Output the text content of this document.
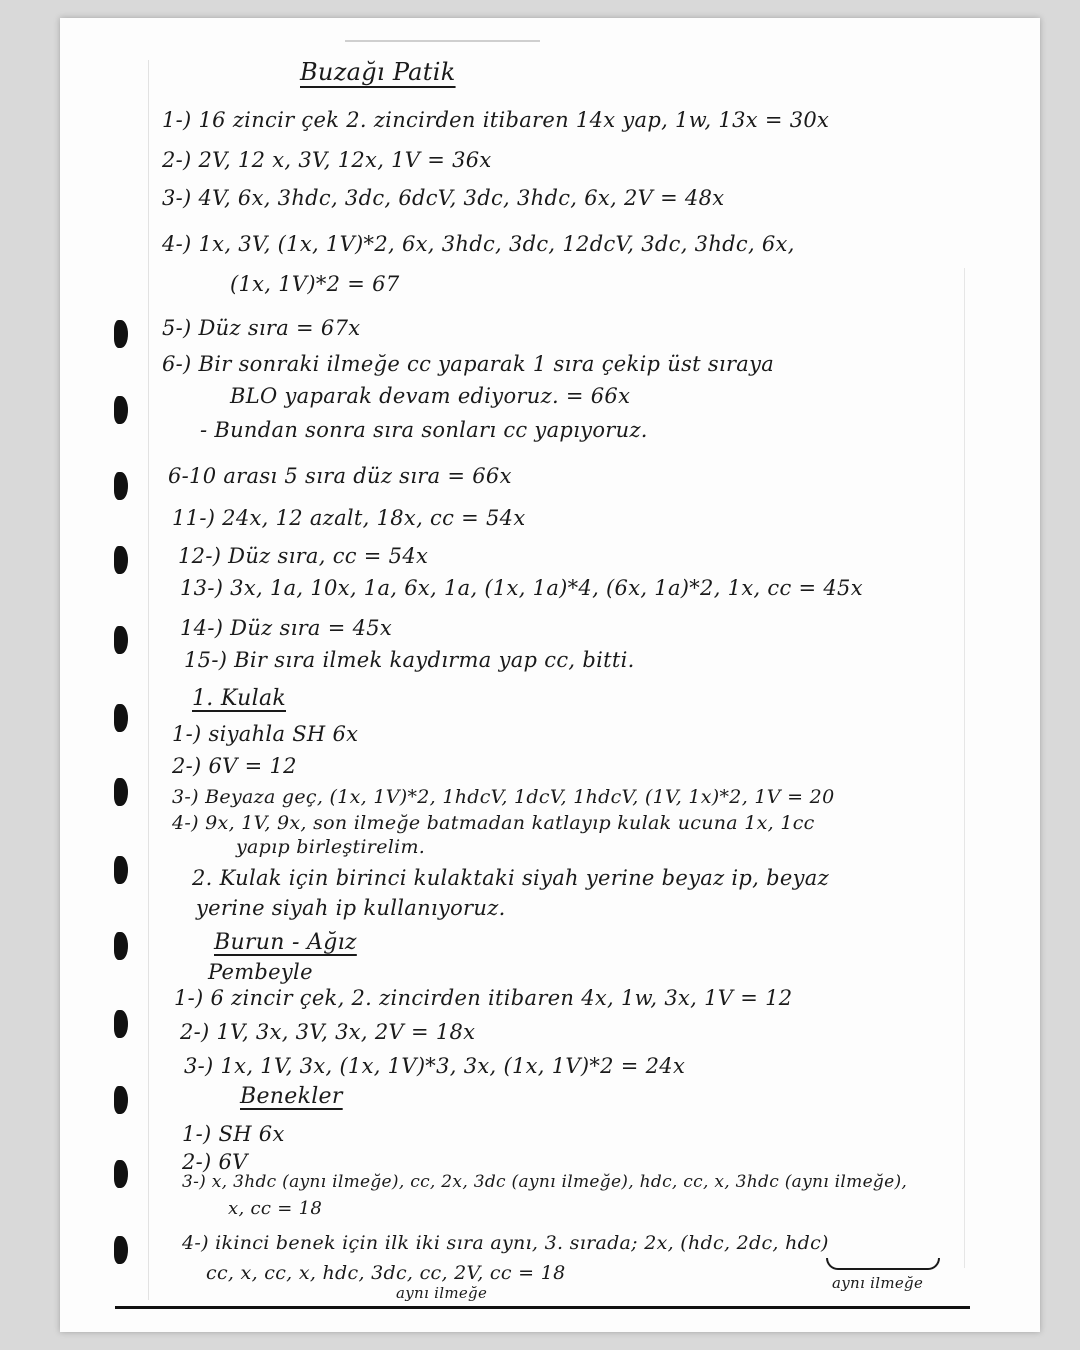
Buzağı Patik
1-) 16 zincir çek 2. zincirden itibaren 14x yap, 1w, 13x = 30x
2-) 2V, 12 x, 3V, 12x, 1V = 36x
3-) 4V, 6x, 3hdc, 3dc, 6dcV, 3dc, 3hdc, 6x, 2V = 48x
4-) 1x, 3V, (1x, 1V)*2, 6x, 3hdc, 3dc, 12dcV, 3dc, 3hdc, 6x,
(1x, 1V)*2 = 67
5-) Düz sıra = 67x
6-) Bir sonraki ilmeğe cc yaparak 1 sıra çekip üst sıraya
BLO yaparak devam ediyoruz. = 66x
- Bundan sonra sıra sonları cc yapıyoruz.
6-10 arası 5 sıra düz sıra = 66x
11-) 24x, 12 azalt, 18x, cc = 54x
12-) Düz sıra, cc = 54x
13-) 3x, 1a, 10x, 1a, 6x, 1a, (1x, 1a)*4, (6x, 1a)*2, 1x, cc = 45x
14-) Düz sıra = 45x
15-) Bir sıra ilmek kaydırma yap cc, bitti.
1. Kulak
1-) siyahla SH 6x
2-) 6V = 12
3-) Beyaza geç, (1x, 1V)*2, 1hdcV, 1dcV, 1hdcV, (1V, 1x)*2, 1V = 20
4-) 9x, 1V, 9x, son ilmeğe batmadan katlayıp kulak ucuna 1x, 1cc
yapıp birleştirelim.
2. Kulak için birinci kulaktaki siyah yerine beyaz ip, beyaz
yerine siyah ip kullanıyoruz.
Burun - Ağız
Pembeyle
1-) 6 zincir çek, 2. zincirden itibaren 4x, 1w, 3x, 1V = 12
2-) 1V, 3x, 3V, 3x, 2V = 18x
3-) 1x, 1V, 3x, (1x, 1V)*3, 3x, (1x, 1V)*2 = 24x
Benekler
1-) SH 6x
2-) 6V
3-) x, 3hdc (aynı ilmeğe), cc, 2x, 3dc (aynı ilmeğe), hdc, cc, x, 3hdc (aynı ilmeğe),
x, cc = 18
4-) ikinci benek için ilk iki sıra aynı, 3. sırada; 2x, (hdc, 2dc, hdc)
cc, x, cc, x, hdc, 3dc, cc, 2V, cc = 18
aynı ilmeğe
aynı ilmeğe
